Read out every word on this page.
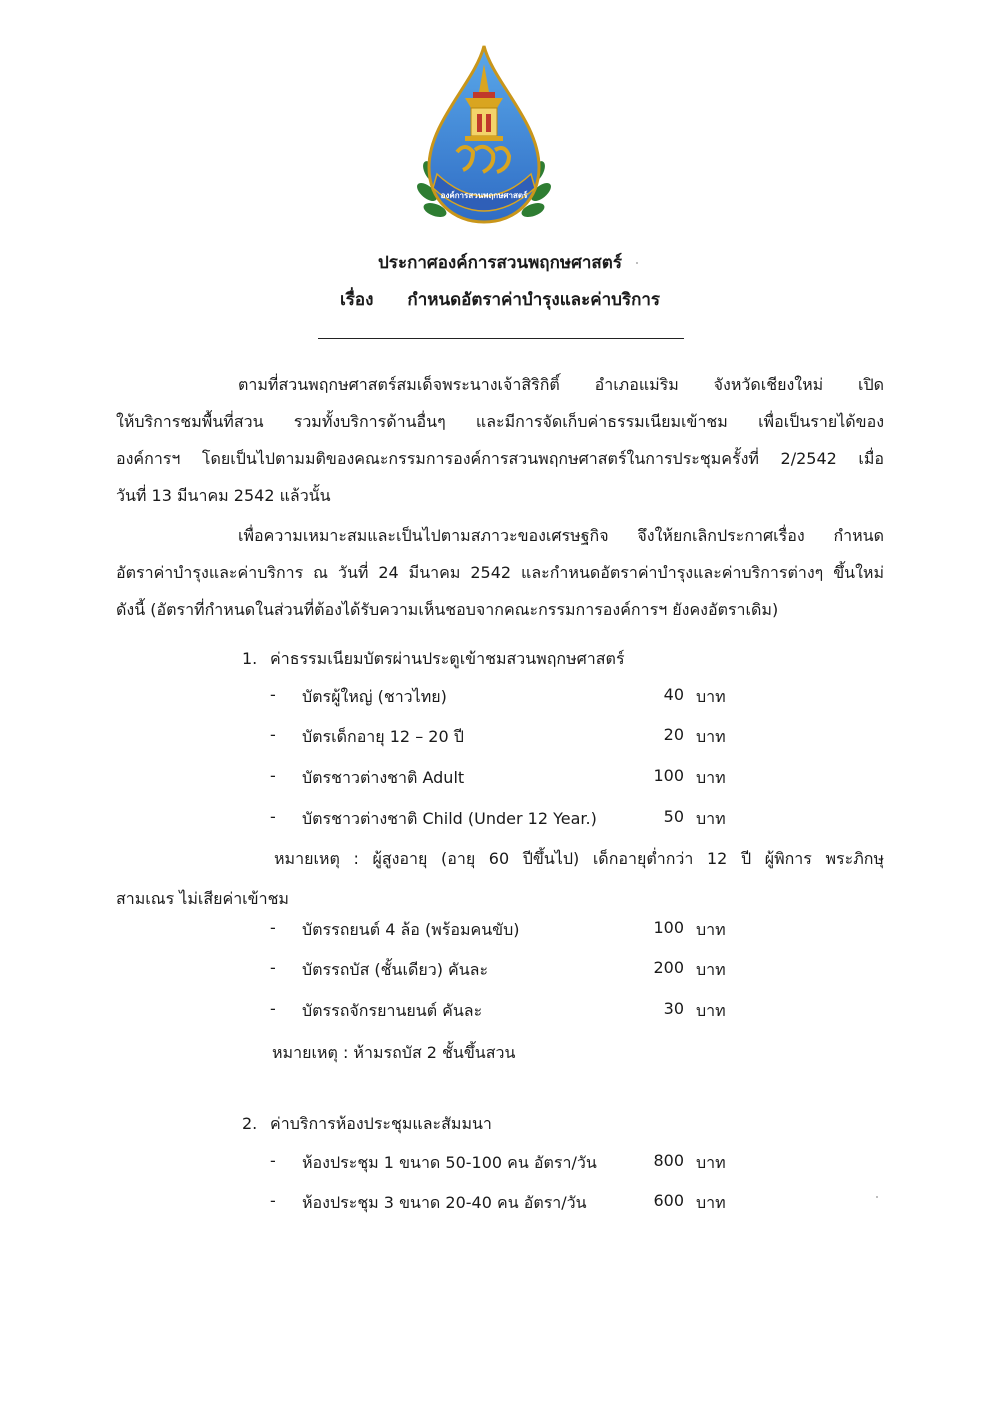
องค์การสวนพฤกษศาสตร์
ประกาศองค์การสวนพฤกษศาสตร์
เรื่อง กำหนดอัตราค่าบำรุงและค่าบริการ
ตามที่สวนพฤกษศาสตร์สมเด็จพระนางเจ้าสิริกิติ์ อำเภอแม่ริม จังหวัดเชียงใหม่ เปิด
ให้บริการชมพื้นที่สวน รวมทั้งบริการด้านอื่นๆ และมีการจัดเก็บค่าธรรมเนียมเข้าชม เพื่อเป็นรายได้ของ
องค์การฯ โดยเป็นไปตามมติของคณะกรรมการองค์การสวนพฤกษศาสตร์ในการประชุมครั้งที่ 2/2542 เมื่อ
วันที่ 13 มีนาคม 2542 แล้วนั้น
เพื่อความเหมาะสมและเป็นไปตามสภาวะของเศรษฐกิจ จึงให้ยกเลิกประกาศเรื่อง กำหนด
อัตราค่าบำรุงและค่าบริการ ณ วันที่ 24 มีนาคม 2542 และกำหนดอัตราค่าบำรุงและค่าบริการต่างๆ ขึ้นใหม่
ดังนี้ (อัตราที่กำหนดในส่วนที่ต้องได้รับความเห็นชอบจากคณะกรรมการองค์การฯ ยังคงอัตราเดิม)
1. ค่าธรรมเนียมบัตรผ่านประตูเข้าชมสวนพฤกษศาสตร์
- บัตรผู้ใหญ่ (ชาวไทย)	40 บาท
- บัตรเด็กอายุ 12 – 20 ปี	20 บาท
- บัตรชาวต่างชาติ Adult	100 บาท
- บัตรชาวต่างชาติ Child (Under 12 Year.)	50 บาท
หมายเหตุ : ผู้สูงอายุ (อายุ 60 ปีขึ้นไป) เด็กอายุต่ำกว่า 12 ปี ผู้พิการ พระภิกษุ
สามเณร ไม่เสียค่าเข้าชม
- บัตรรถยนต์ 4 ล้อ (พร้อมคนขับ)	100 บาท
- บัตรรถบัส (ชั้นเดียว) คันละ	200 บาท
- บัตรรถจักรยานยนต์ คันละ	30 บาท
หมายเหตุ : ห้ามรถบัส 2 ชั้นขึ้นสวน
2. ค่าบริการห้องประชุมและสัมมนา
- ห้องประชุม 1 ขนาด 50-100 คน อัตรา/วัน	800 บาท
- ห้องประชุม 3 ขนาด 20-40 คน อัตรา/วัน	600 บาท
